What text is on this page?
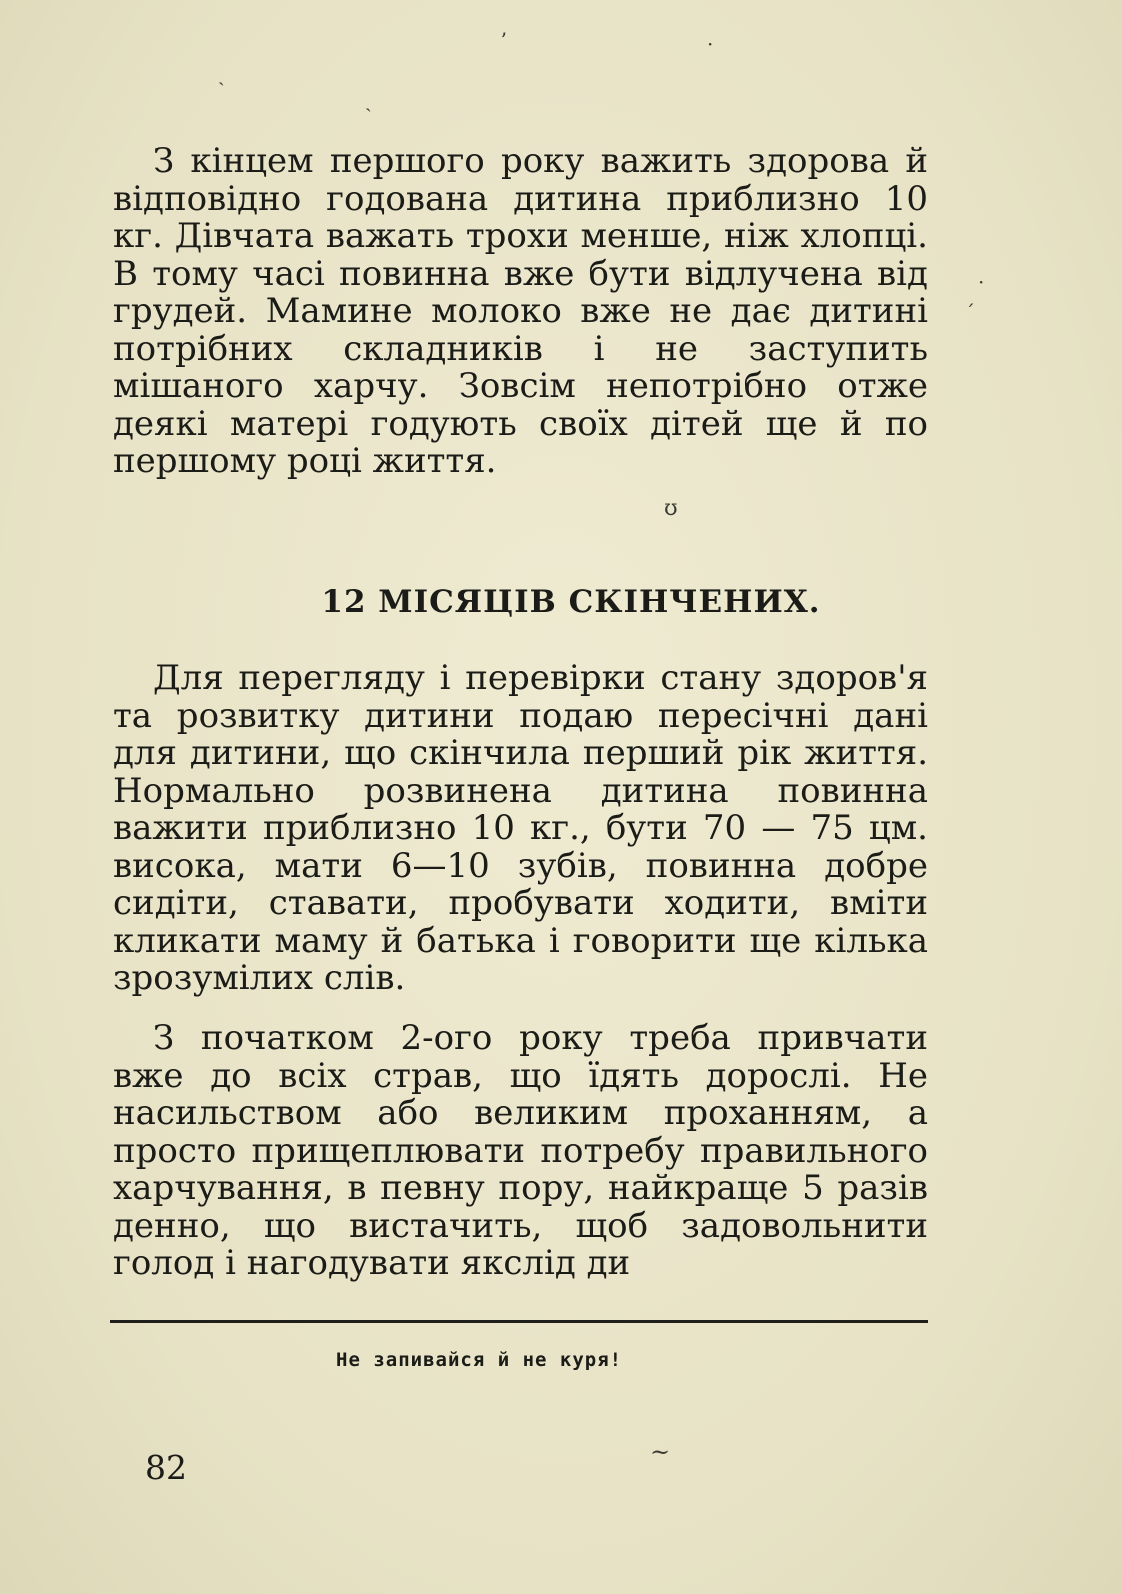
З кінцем першого року важить здорова й відповідно годована дитина приблизно 10 кг. Дівчата важать трохи менше, ніж хлопці. В тому часі повинна вже бути відлучена від грудей. Мамине молоко вже не дає дитині потрібних складників і не заступить мішаного харчу. Зовсім непотрібно отже деякі матері годують своїх дітей ще й по першому році життя.

12 МІСЯЦІВ СКІНЧЕНИХ.

Для перегляду і перевірки стану здоров'я та розвитку дитини подаю пересічні дані для дитини, що скінчила перший рік життя. Нормально розвинена дитина повинна важити приблизно 10 кг., бути 70 — 75 цм. висока, мати 6—10 зубів, повинна добре сидіти, ставати, пробувати ходити, вміти кликати маму й батька і говорити ще кілька зрозумілих слів.

З початком 2-ого року треба привчати вже до всіх страв, що їдять дорослі. Не насильством або великим проханням, а просто прищеплювати потребу правильного харчування, в певну пору, найкраще 5 разів денно, що вистачить, щоб задовольнити голод і нагодувати якслід ди

Не запивайся й не куря!
82
ʼ	·
ˎ
ˏ
·
ˊ
ʊ
~
